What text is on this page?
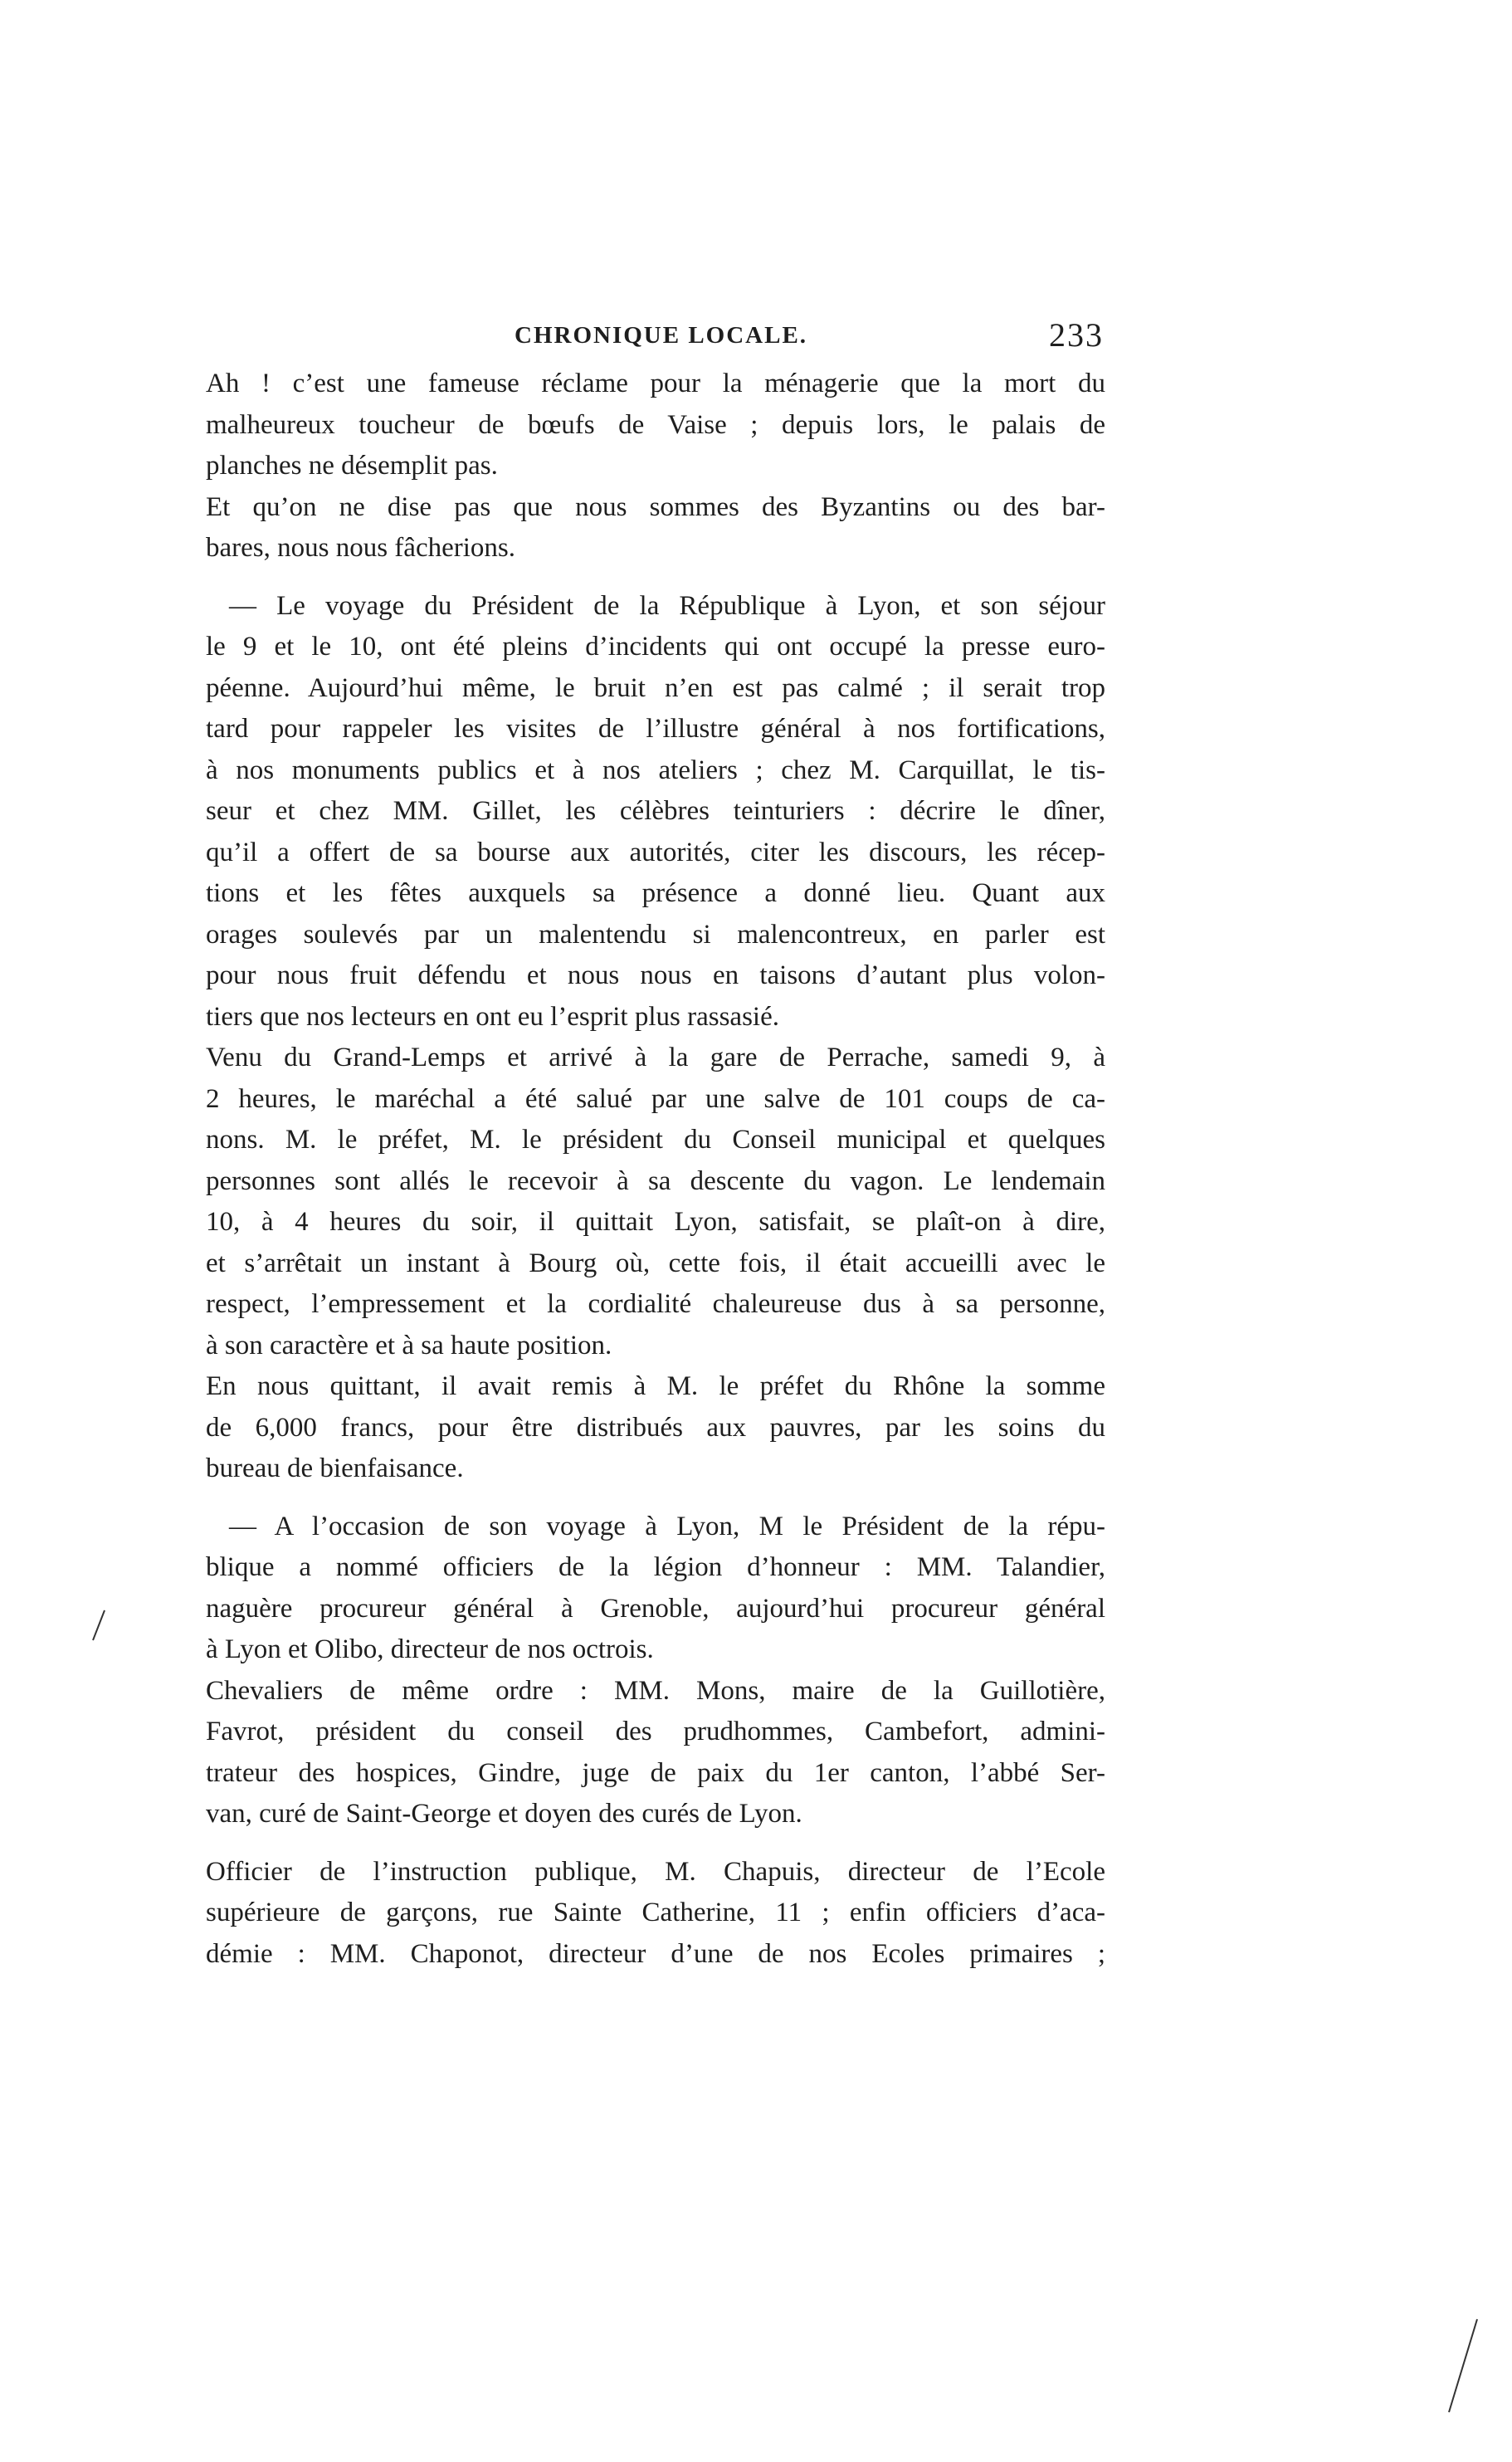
CHRONIQUE LOCALE.	233
Ah ! c’est une fameuse réclame pour la ménagerie que la mort du
malheureux toucheur de bœufs de Vaise ; depuis lors, le palais de
planches ne désemplit pas.
Et qu’on ne dise pas que nous sommes des Byzantins ou des bar-
bares, nous nous fâcherions.
— Le voyage du Président de la République à Lyon, et son séjour
le 9 et le 10, ont été pleins d’incidents qui ont occupé la presse euro-
péenne. Aujourd’hui même, le bruit n’en est pas calmé ; il serait trop
tard pour rappeler les visites de l’illustre général à nos fortifications,
à nos monuments publics et à nos ateliers ; chez M. Carquillat, le tis-
seur et chez MM. Gillet, les célèbres teinturiers : décrire le dîner,
qu’il a offert de sa bourse aux autorités, citer les discours, les récep-
tions et les fêtes auxquels sa présence a donné lieu. Quant aux
orages soulevés par un malentendu si malencontreux, en parler est
pour nous fruit défendu et nous nous en taisons d’autant plus volon-
tiers que nos lecteurs en ont eu l’esprit plus rassasié.
Venu du Grand-Lemps et arrivé à la gare de Perrache, samedi 9, à
2 heures, le maréchal a été salué par une salve de 101 coups de ca-
nons. M. le préfet, M. le président du Conseil municipal et quelques
personnes sont allés le recevoir à sa descente du vagon. Le lendemain
10, à 4 heures du soir, il quittait Lyon, satisfait, se plaît-on à dire,
et s’arrêtait un instant à Bourg où, cette fois, il était accueilli avec le
respect, l’empressement et la cordialité chaleureuse dus à sa personne,
à son caractère et à sa haute position.
En nous quittant, il avait remis à M. le préfet du Rhône la somme
de 6,000 francs, pour être distribués aux pauvres, par les soins du
bureau de bienfaisance.
— A l’occasion de son voyage à Lyon, M le Président de la répu-
blique a nommé officiers de la légion d’honneur : MM. Talandier,
naguère procureur général à Grenoble, aujourd’hui procureur général
à Lyon et Olibo, directeur de nos octrois.
Chevaliers de même ordre : MM. Mons, maire de la Guillotière,
Favrot, président du conseil des prudhommes, Cambefort, admini-
trateur des hospices, Gindre, juge de paix du 1er canton, l’abbé Ser-
van, curé de Saint-George et doyen des curés de Lyon.
Officier de l’instruction publique, M. Chapuis, directeur de l’Ecole
supérieure de garçons, rue Sainte Catherine, 11 ; enfin officiers d’aca-
démie : MM. Chaponot, directeur d’une de nos Ecoles primaires ;
